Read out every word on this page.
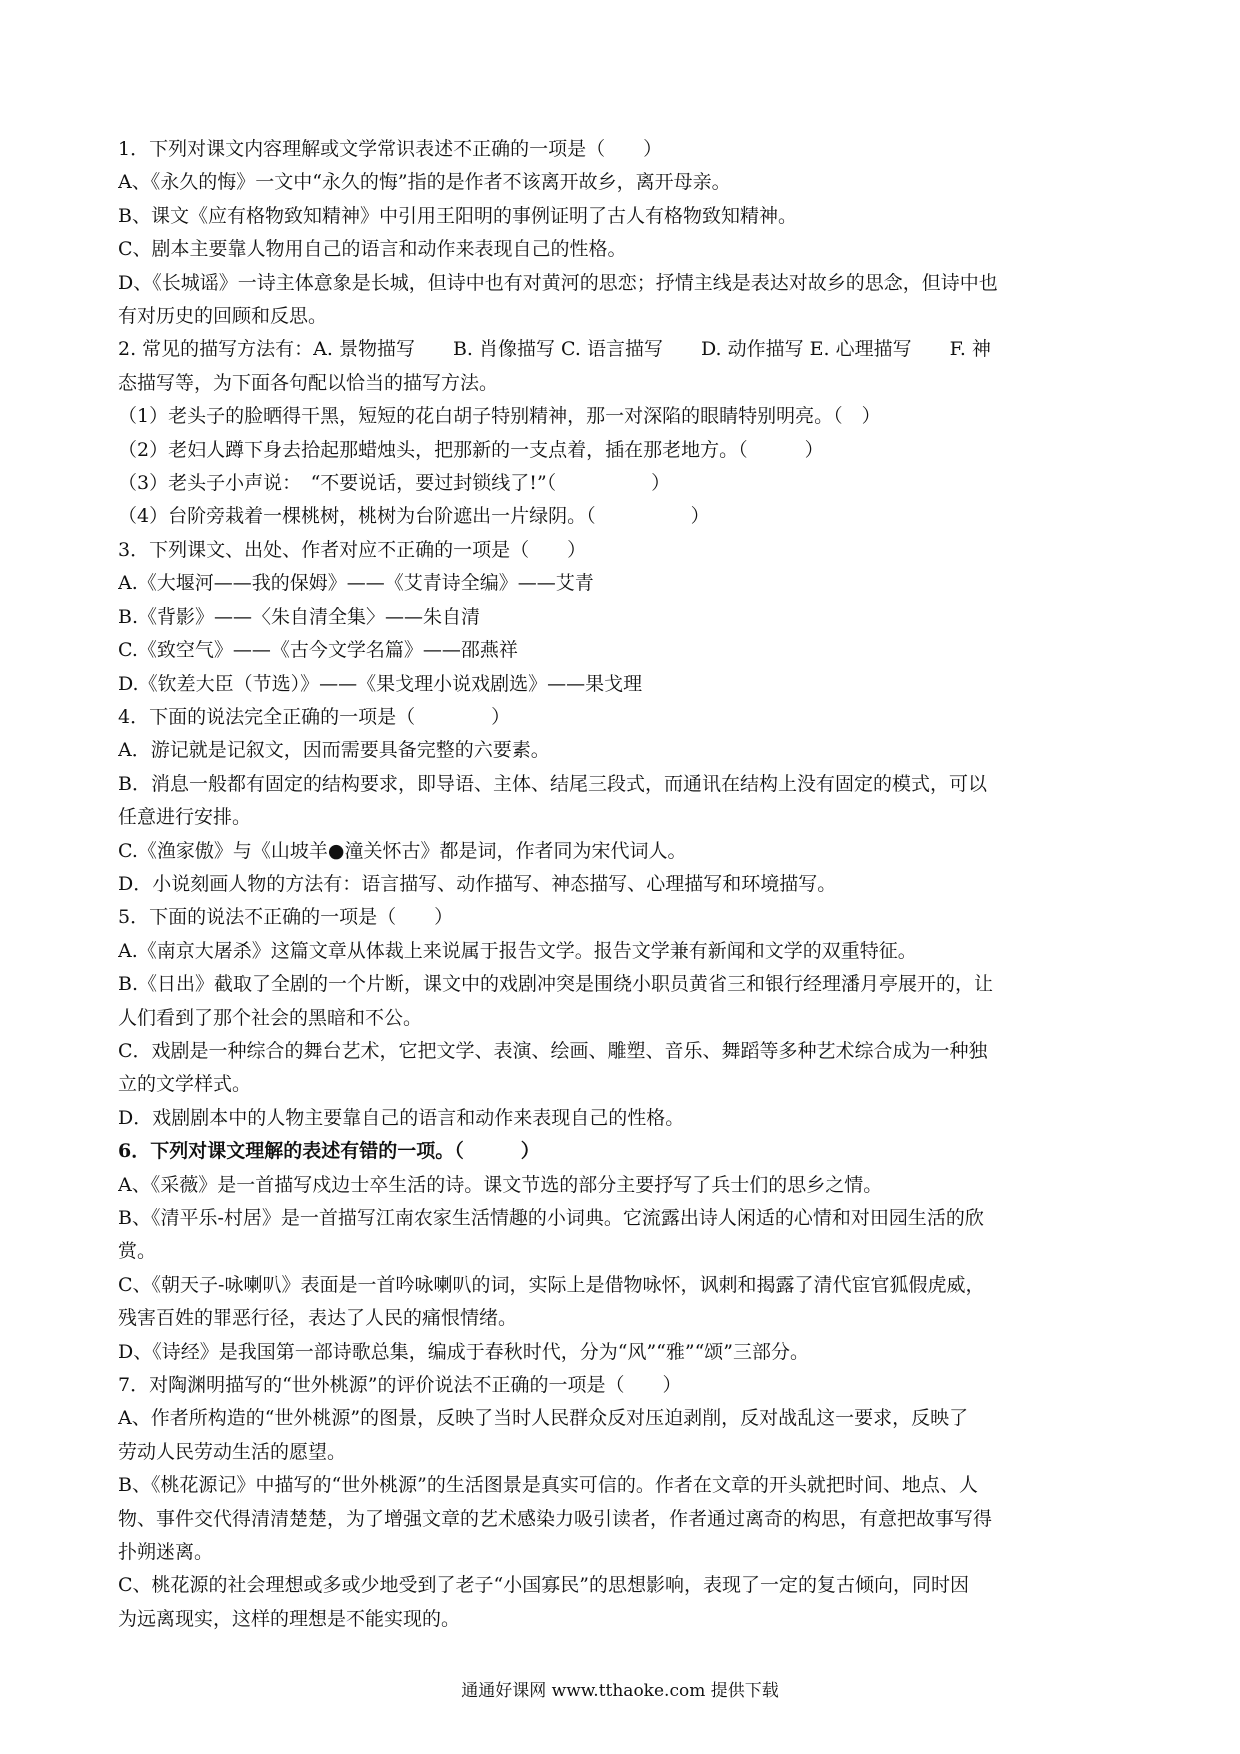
1．下列对课文内容理解或文学常识表述不正确的一项是（　　）
A、《永久的悔》一文中“永久的悔”指的是作者不该离开故乡，离开母亲。
B、课文《应有格物致知精神》中引用王阳明的事例证明了古人有格物致知精神。
C、剧本主要靠人物用自己的语言和动作来表现自己的性格。
D、《长城谣》一诗主体意象是长城，但诗中也有对黄河的思恋；抒情主线是表达对故乡的思念，但诗中也
有对历史的回顾和反思。
2. 常见的描写方法有：A. 景物描写　　B. 肖像描写 C. 语言描写　　D. 动作描写 E. 心理描写　　F. 神
态描写等，为下面各句配以恰当的描写方法。
（1）老头子的脸晒得干黑，短短的花白胡子特别精神，那一对深陷的眼睛特别明亮。（　）
（2）老妇人蹲下身去拾起那蜡烛头，把那新的一支点着，插在那老地方。（　　　）
（3）老头子小声说：　“不要说话，要过封锁线了!”（　　　　　）
（4）台阶旁栽着一棵桃树，桃树为台阶遮出一片绿阴。（　　　　　）
3．下列课文、出处、作者对应不正确的一项是（　　）
A.《大堰河——我的保姆》——《艾青诗全编》——艾青
B.《背影》——〈朱自清全集〉——朱自清
C.《致空气》——《古今文学名篇》——邵燕祥
D.《钦差大臣（节选）》——《果戈理小说戏剧选》——果戈理
4．下面的说法完全正确的一项是（　　　　）
A．游记就是记叙文，因而需要具备完整的六要素。
B．消息一般都有固定的结构要求，即导语、主体、结尾三段式，而通讯在结构上没有固定的模式，可以
任意进行安排。
C.《渔家傲》与《山坡羊●潼关怀古》都是词，作者同为宋代词人。
D．小说刻画人物的方法有：语言描写、动作描写、神态描写、心理描写和环境描写。
5．下面的说法不正确的一项是（　　）
A.《南京大屠杀》这篇文章从体裁上来说属于报告文学。报告文学兼有新闻和文学的双重特征。
B.《日出》截取了全剧的一个片断，课文中的戏剧冲突是围绕小职员黄省三和银行经理潘月亭展开的，让
人们看到了那个社会的黑暗和不公。
C．戏剧是一种综合的舞台艺术，它把文学、表演、绘画、雕塑、音乐、舞蹈等多种艺术综合成为一种独
立的文学样式。
D．戏剧剧本中的人物主要靠自己的语言和动作来表现自己的性格。
6．下列对课文理解的表述有错的一项。（　　　）
A、《采薇》是一首描写戍边士卒生活的诗。课文节选的部分主要抒写了兵士们的思乡之情。
B、《清平乐-村居》是一首描写江南农家生活情趣的小词典。它流露出诗人闲适的心情和对田园生活的欣
赏。
C、《朝天子-咏喇叭》表面是一首吟咏喇叭的词，实际上是借物咏怀，讽刺和揭露了清代宦官狐假虎威，
残害百姓的罪恶行径，表达了人民的痛恨情绪。
D、《诗经》是我国第一部诗歌总集，编成于春秋时代，分为“风”“雅”“颂”三部分。
7．对陶渊明描写的“世外桃源”的评价说法不正确的一项是（　　）
A、作者所构造的“世外桃源”的图景，反映了当时人民群众反对压迫剥削，反对战乱这一要求，反映了
劳动人民劳动生活的愿望。
B、《桃花源记》中描写的“世外桃源”的生活图景是真实可信的。作者在文章的开头就把时间、地点、人
物、事件交代得清清楚楚，为了增强文章的艺术感染力吸引读者，作者通过离奇的构思，有意把故事写得
扑朔迷离。
C、桃花源的社会理想或多或少地受到了老子“小国寡民”的思想影响，表现了一定的复古倾向，同时因
为远离现实，这样的理想是不能实现的。
通通好课网 www.tthaoke.com 提供下载
